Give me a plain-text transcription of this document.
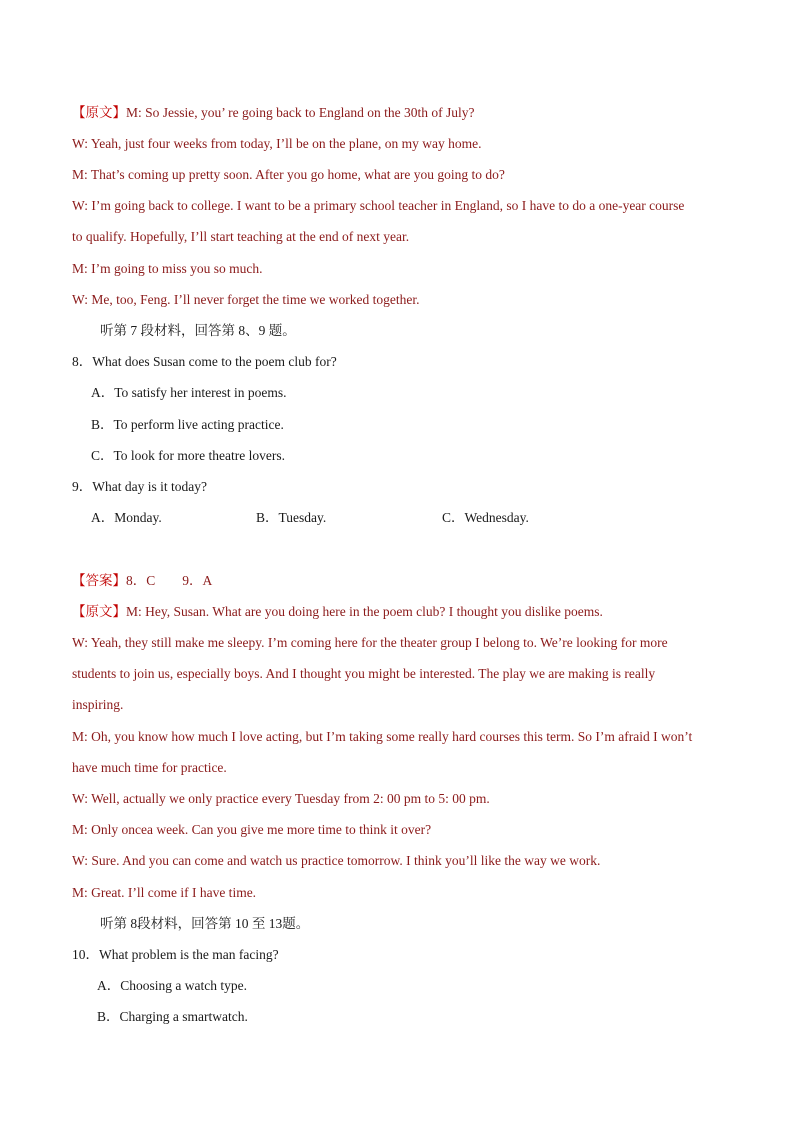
【原文】M: So Jessie, you’ re going back to England on the 30th of July?
W: Yeah, just four weeks from today, I’ll be on the plane, on my way home.
M: That’s coming up pretty soon. After you go home, what are you going to do?
W: I’m going back to college. I want to be a primary school teacher in England, so I have to do a one-year course
to qualify. Hopefully, I’ll start teaching at the end of next year.
M: I’m going to miss you so much.
W: Me, too, Feng. I’ll never forget the time we worked together.
听第 7 段材料，回答第 8、9 题。
8．What does Susan come to the poem club for?
A．To satisfy her interest in poems.
B．To perform live acting practice.
C．To look for more theatre lovers.
9．What day is it today?
A．Monday.	B．Tuesday.	C．Wednesday.
【答案】8．C        9．A
【原文】M: Hey, Susan. What are you doing here in the poem club? I thought you dislike poems.
W: Yeah, they still make me sleepy. I’m coming here for the theater group I belong to. We’re looking for more
students to join us, especially boys. And I thought you might be interested. The play we are making is really
inspiring.
M: Oh, you know how much I love acting, but I’m taking some really hard courses this term. So I’m afraid I won’t
have much time for practice.
W: Well, actually we only practice every Tuesday from 2: 00 pm to 5: 00 pm.
M: Only oncea week. Can you give me more time to think it over?
W: Sure. And you can come and watch us practice tomorrow. I think you’ll like the way we work.
M: Great. I’ll come if I have time.
听第 8段材料，回答第 10 至 13题。
10．What problem is the man facing?
A．Choosing a watch type.
B．Charging a smartwatch.
